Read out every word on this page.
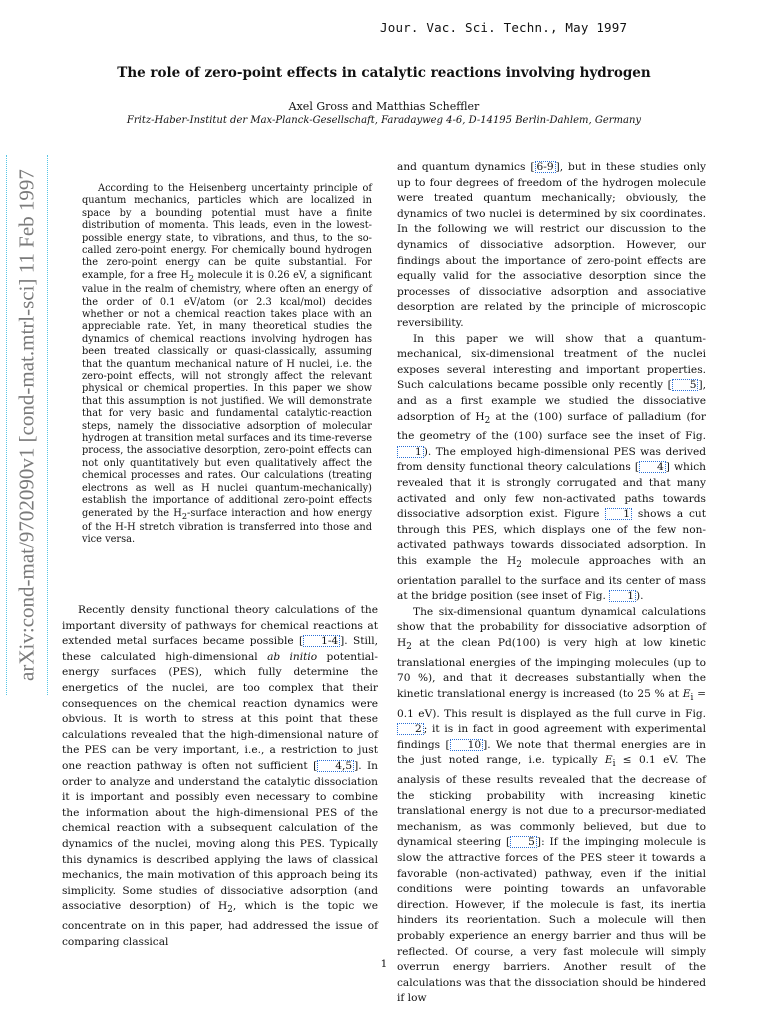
Jour. Vac. Sci. Techn., May 1997
The role of zero-point effects in catalytic reactions involving hydrogen
Axel Gross and Matthias Scheffler
Fritz-Haber-Institut der Max-Planck-Gesellschaft, Faradayweg 4-6, D-14195 Berlin-Dahlem, Germany
arXiv:cond-mat/9702090v1 [cond-mat.mtrl-sci] 11 Feb 1997	According to the Heisenberg uncertainty principle of quantum mechanics, particles which are localized in space by a bounding potential must have a finite distribution of momenta. This leads, even in the lowest-possible energy state, to vibrations, and thus, to the so-called zero-point energy. For chemically bound hydrogen the zero-point energy can be quite substantial. For example, for a free $H_2$ molecule it is 0.26 eV, a significant value in the realm of chemistry, where often an energy of the order of 0.1 eV/atom (or 2.3 kcal/mol) decides whether or not a chemical reaction takes place with an appreciable rate. Yet, in many theoretical studies the dynamics of chemical reactions involving hydrogen has been treated classically or quasi-classically, assuming that the quantum mechanical nature of H nuclei, i.e. the zero-point effects, will not strongly affect the relevant physical or chemical properties. In this paper we show that this assumption is not justified. We will demonstrate that for very basic and fundamental catalytic-reaction steps, namely the dissociative adsorption of molecular hydrogen at transition metal surfaces and its time-reverse process, the associative desorption, zero-point effects can not only quantitatively but even qualitatively affect the chemical processes and rates. Our calculations (treating electrons as well as H nuclei quantum-mechanically) establish the importance of additional zero-point effects generated by the $H_2$-surface interaction and how energy of the H-H stretch vibration is transferred into those and vice versa.

Recently density functional theory calculations of the important diversity of pathways for chemical reactions at extended metal surfaces became possible [ 1-4 ]. Still, these calculated high-dimensional ab initio potential-energy surfaces (PES), which fully determine the energetics of the nuclei, are too complex that their consequences on the chemical reaction dynamics were obvious. It is worth to stress at this point that these calculations revealed that the high-dimensional nature of the PES can be very important, i.e., a restriction to just one reaction pathway is often not sufficient [ 4,5 ]. In order to analyze and understand the catalytic dissociation it is important and possibly even necessary to combine the information about the high-dimensional PES of the chemical reaction with a subsequent calculation of the dynamics of the nuclei, moving along this PES. Typically this dynamics is described applying the laws of classical mechanics, the main motivation of this approach being its simplicity. Some studies of dissociative adsorption (and associative desorption) of $H_2$, which is the topic we concentrate on in this paper, had addressed the issue of comparing classical

and quantum dynamics [ 6-9 ], but in these studies only up to four degrees of freedom of the hydrogen molecule were treated quantum mechanically; obviously, the dynamics of two nuclei is determined by six coordinates. In the following we will restrict our discussion to the dynamics of dissociative adsorption. However, our findings about the importance of zero-point effects are equally valid for the associative desorption since the processes of dissociative adsorption and associative desorption are related by the principle of microscopic reversibility.

In this paper we will show that a quantum-mechanical, six-dimensional treatment of the nuclei exposes several interesting and important properties. Such calculations became possible only recently [ 5 ], and as a first example we studied the dissociative adsorption of $H_2$ at the (100) surface of palladium (for the geometry of the (100) surface see the inset of Fig. 1 ). The employed high-dimensional PES was derived from density functional theory calculations [ 4 ] which revealed that it is strongly corrugated and that many activated and only few non-activated paths towards dissociative adsorption exist. Figure 1 shows a cut through this PES, which displays one of the few non-activated pathways towards dissociated adsorption. In this example the $H_2$ molecule approaches with an orientation parallel to the surface and its center of mass at the bridge position (see inset of Fig. 1 ).

The six-dimensional quantum dynamical calculations show that the probability for dissociative adsorption of $H_2$ at the clean Pd(100) is very high at low kinetic translational energies of the impinging molecules (up to 70 %), and that it decreases substantially when the kinetic translational energy is increased (to 25 % at $E_i = 0.1$ eV). This result is displayed as the full curve in Fig. 2 ; it is in fact in good agreement with experimental findings [ 10 ]. We note that thermal energies are in the just noted range, i.e. typically $E_i \le 0.1$ eV. The analysis of these results revealed that the decrease of the sticking probability with increasing kinetic translational energy is not due to a precursor-mediated mechanism, as was commonly believed, but due to dynamical steering [ 5 ]: If the impinging molecule is slow the attractive forces of the PES steer it towards a favorable (non-activated) pathway, even if the initial conditions were pointing towards an unfavorable direction. However, if the molecule is fast, its inertia hinders its reorientation. Such a molecule will then probably experience an energy barrier and thus will be reflected. Of course, a very fast molecule will simply overrun energy barriers. Another result of the calculations was that the dissociation should be hindered if low

1
